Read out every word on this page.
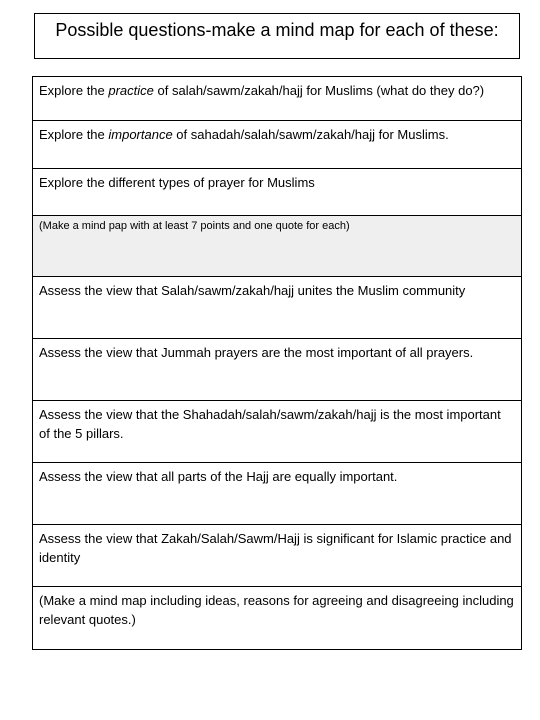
Possible questions-make a mind map for each of these:
Explore the practice of salah/sawm/zakah/hajj for Muslims (what do they do?)
Explore the importance of sahadah/salah/sawm/zakah/hajj for Muslims.
Explore the different types of prayer for Muslims
(Make a mind pap with at least 7 points and one quote for each)
Assess the view that Salah/sawm/zakah/hajj unites the Muslim community
Assess the view that Jummah prayers are the most important of all prayers.
Assess the view that the Shahadah/salah/sawm/zakah/hajj is the most important of the 5 pillars.
Assess the view that all parts of the Hajj are equally important.
Assess the view that Zakah/Salah/Sawm/Hajj is significant for Islamic practice and identity
(Make a mind map including ideas, reasons for agreeing and disagreeing including relevant quotes.)
